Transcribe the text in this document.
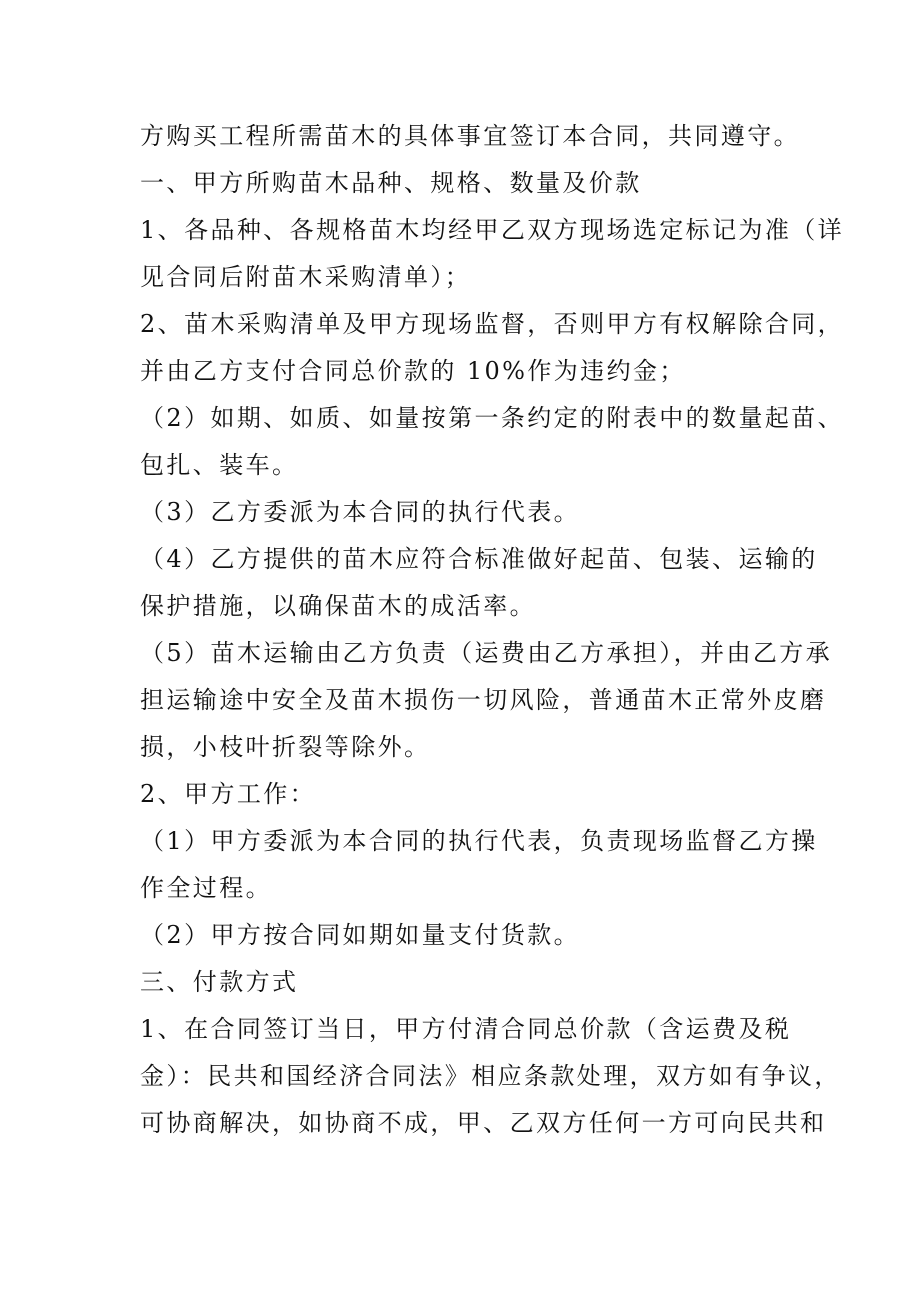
方购买工程所需苗木的具体事宜签订本合同，共同遵守。
一、甲方所购苗木品种、规格、数量及价款
1、各品种、各规格苗木均经甲乙双方现场选定标记为准（详
见合同后附苗木采购清单）；
2、苗木采购清单及甲方现场监督，否则甲方有权解除合同，
并由乙方支付合同总价款的 10%作为违约金；
（2）如期、如质、如量按第一条约定的附表中的数量起苗、
包扎、装车。
（3）乙方委派为本合同的执行代表。
（4）乙方提供的苗木应符合标准做好起苗、包装、运输的
保护措施，以确保苗木的成活率。
（5）苗木运输由乙方负责（运费由乙方承担），并由乙方承
担运输途中安全及苗木损伤一切风险，普通苗木正常外皮磨
损，小枝叶折裂等除外。
2、甲方工作：
（1）甲方委派为本合同的执行代表，负责现场监督乙方操
作全过程。
（2）甲方按合同如期如量支付货款。
三、付款方式
1、在合同签订当日，甲方付清合同总价款（含运费及税
金）：民共和国经济合同法》相应条款处理，双方如有争议，
可协商解决，如协商不成，甲、乙双方任何一方可向民共和
